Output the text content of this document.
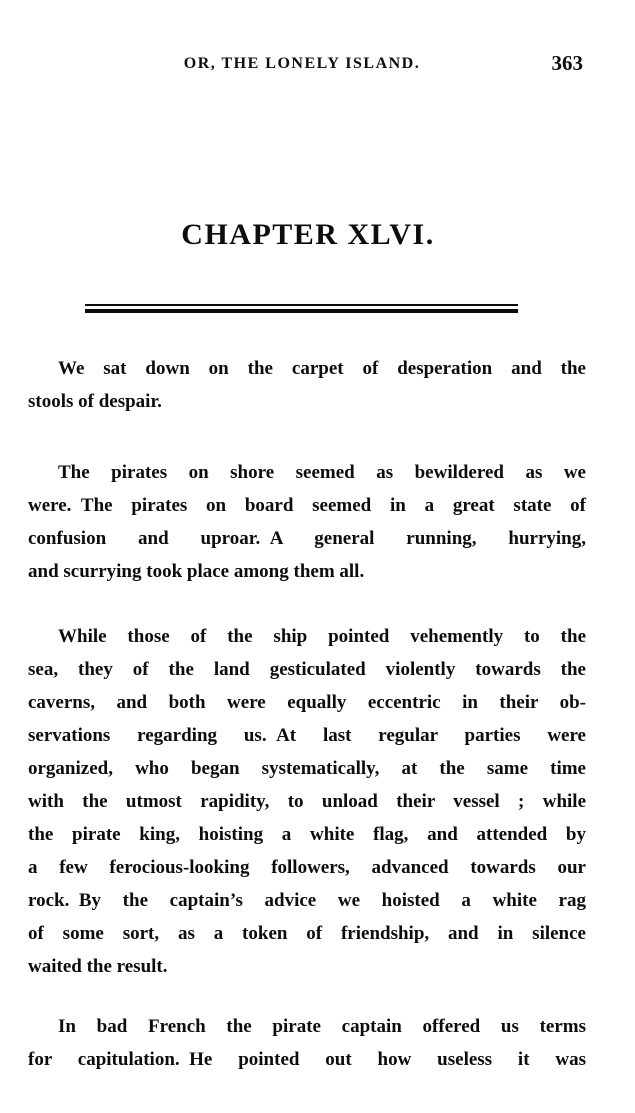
OR, THE LONELY ISLAND.	363
CHAPTER XLVI.
We sat down on the carpet of desperation and the
stools of despair.
The pirates on shore seemed as bewildered as we
were. The pirates on board seemed in a great state of
confusion and uproar. A general running, hurrying,
and scurrying took place among them all.
While those of the ship pointed vehemently to the
sea, they of the land gesticulated violently towards the
caverns, and both were equally eccentric in their ob-
servations regarding us. At last regular parties were
organized, who began systematically, at the same time
with the utmost rapidity, to unload their vessel ; while
the pirate king, hoisting a white flag, and attended by
a few ferocious-looking followers, advanced towards our
rock. By the captain’s advice we hoisted a white rag
of some sort, as a token of friendship, and in silence
waited the result.
In bad French the pirate captain offered us terms
for capitulation. He pointed out how useless it was
